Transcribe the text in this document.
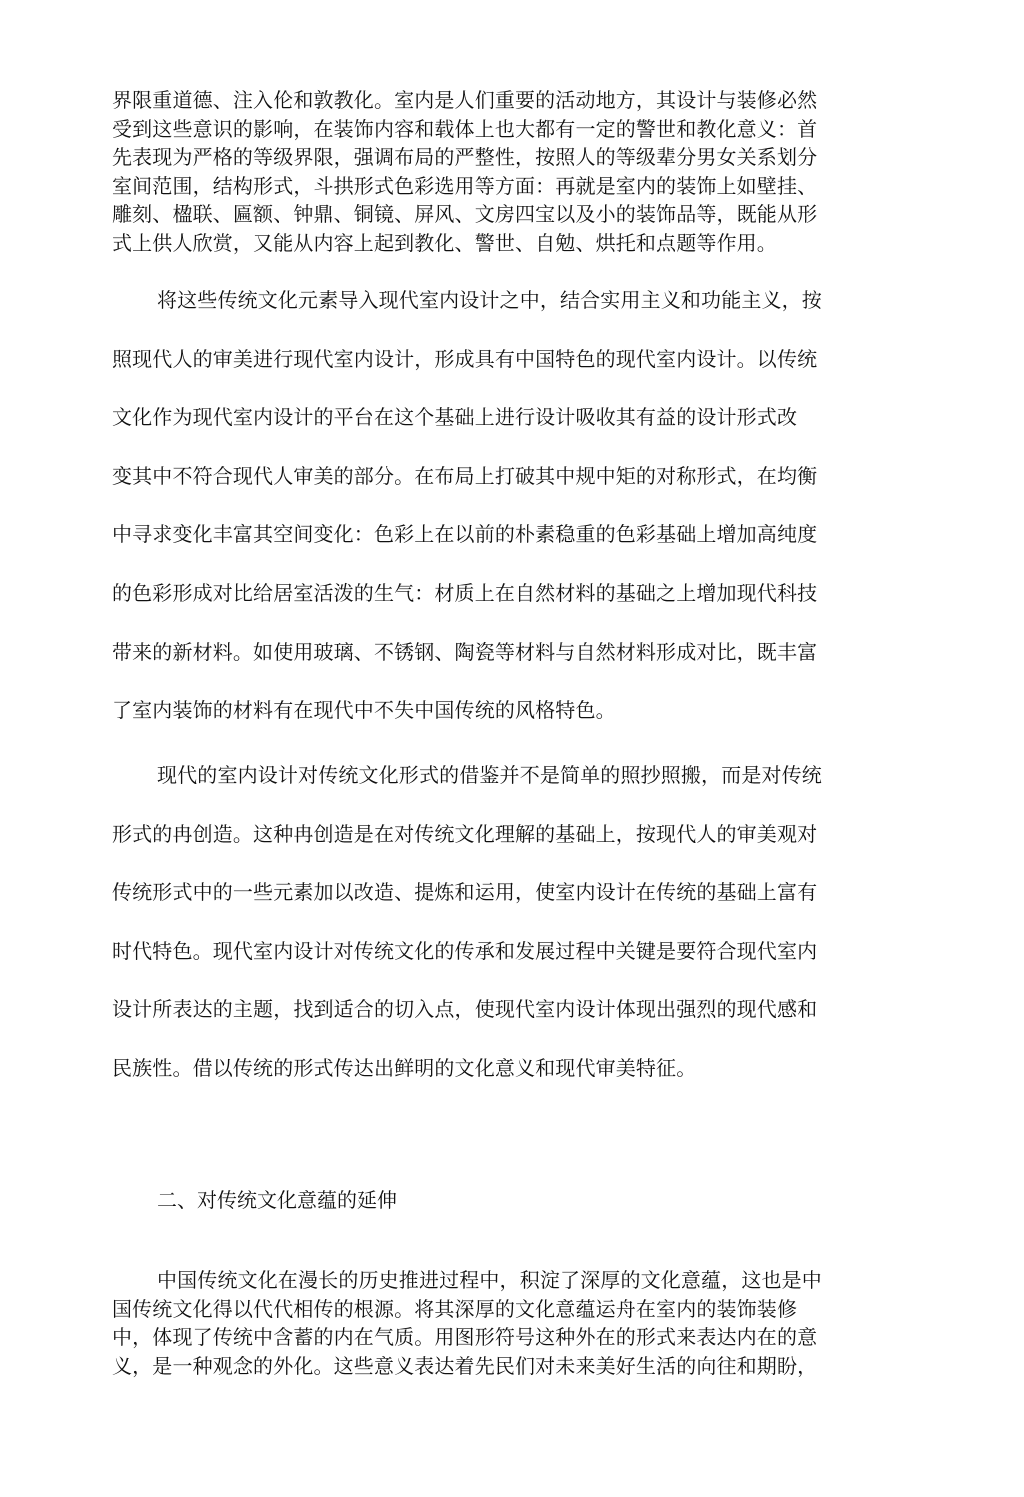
界限重道德、注入伦和敦教化。室内是人们重要的活动地方，其设计与装修必然
受到这些意识的影响，在装饰内容和载体上也大都有一定的警世和教化意义：首
先表现为严格的等级界限，强调布局的严整性，按照人的等级辈分男女关系划分
室间范围，结构形式，斗拱形式色彩选用等方面：再就是室内的装饰上如壁挂、
雕刻、楹联、匾额、钟鼎、铜镜、屏风、文房四宝以及小的装饰品等，既能从形
式上供人欣赏，又能从内容上起到教化、警世、自勉、烘托和点题等作用。
将这些传统文化元素导入现代室内设计之中，结合实用主义和功能主义，按
照现代人的审美进行现代室内设计，形成具有中国特色的现代室内设计。以传统
文化作为现代室内设计的平台在这个基础上进行设计吸收其有益的设计形式改
变其中不符合现代人审美的部分。在布局上打破其中规中矩的对称形式，在均衡
中寻求变化丰富其空间变化：色彩上在以前的朴素稳重的色彩基础上增加高纯度
的色彩形成对比给居室活泼的生气：材质上在自然材料的基础之上增加现代科技
带来的新材料。如使用玻璃、不锈钢、陶瓷等材料与自然材料形成对比，既丰富
了室内装饰的材料有在现代中不失中国传统的风格特色。
现代的室内设计对传统文化形式的借鉴并不是简单的照抄照搬，而是对传统
形式的冉创造。这种冉创造是在对传统文化理解的基础上，按现代人的审美观对
传统形式中的一些元素加以改造、提炼和运用，使室内设计在传统的基础上富有
时代特色。现代室内设计对传统文化的传承和发展过程中关键是要符合现代室内
设计所表达的主题，找到适合的切入点，使现代室内设计体现出强烈的现代感和
民族性。借以传统的形式传达出鲜明的文化意义和现代审美特征。
二、对传统文化意蕴的延伸
中国传统文化在漫长的历史推进过程中，积淀了深厚的文化意蕴，这也是中
国传统文化得以代代相传的根源。将其深厚的文化意蕴运舟在室内的装饰装修
中，体现了传统中含蓄的内在气质。用图形符号这种外在的形式来表达内在的意
义，是一种观念的外化。这些意义表达着先民们对未来美好生活的向往和期盼，
